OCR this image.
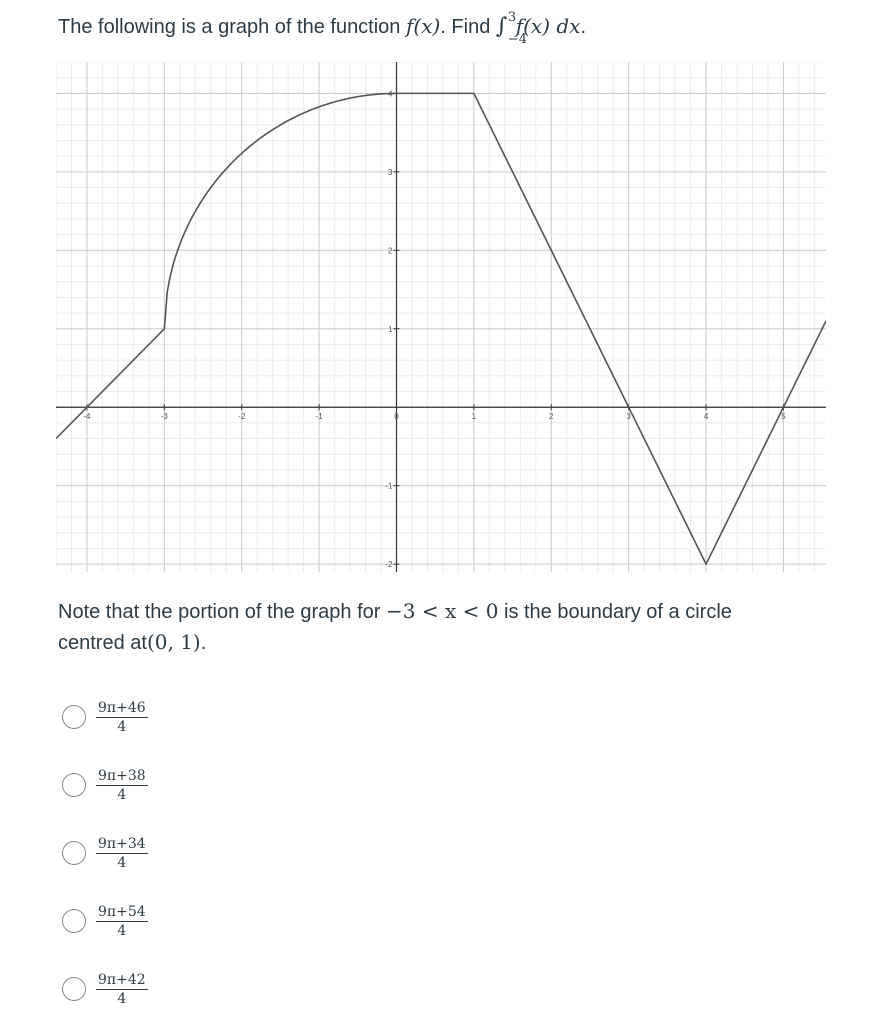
The following is a graph of the function f(x). Find ∫ 3
−4
     f(x) dx.
-4	-3	-2	-1	0	1	2	3	4	5
-2
-1
1
2
3
4
Note that the portion of the graph for −3 < x < 0 is the boundary of a circle
centred at(0, 1).
$\frac{9\pi+46}{4}$
$\frac{9\pi+38}{4}$
$\frac{9\pi+34}{4}$
$\frac{9\pi+54}{4}$
$\frac{9\pi+42}{4}$
